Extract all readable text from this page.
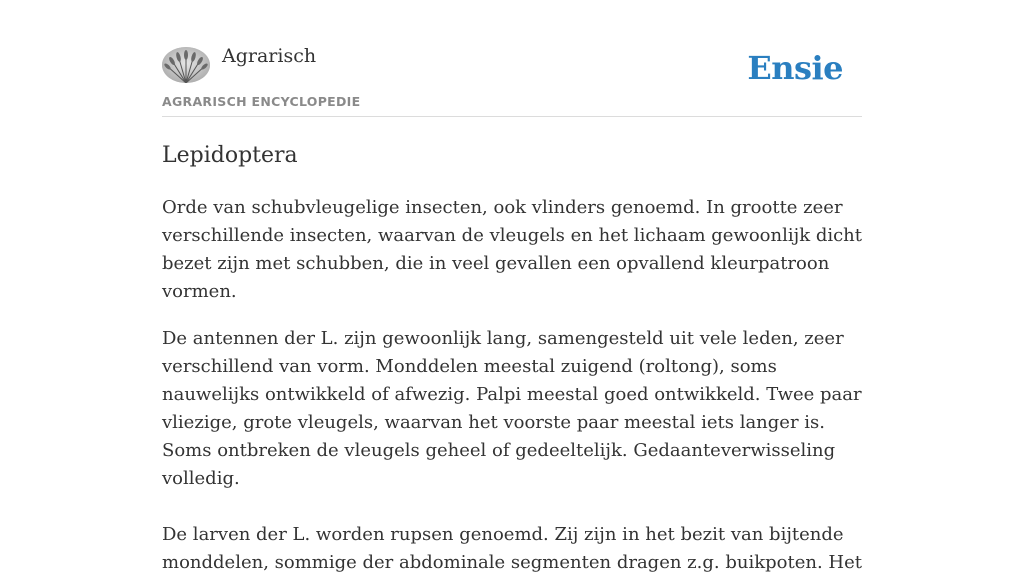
Agrarisch
AGRARISCH ENCYCLOPEDIE
Ensie
Lepidoptera

Orde van schubvleugelige insecten, ook vlinders genoemd. In grootte zeer verschillende insecten, waarvan de vleugels en het lichaam gewoonlijk dicht bezet zijn met schubben, die in veel gevallen een opvallend kleurpatroon vormen.

De antennen der L. zijn gewoonlijk lang, samengesteld uit vele leden, zeer verschillend van vorm. Monddelen meestal zuigend (roltong), soms nauwelijks ontwikkeld of afwezig. Palpi meestal goed ontwikkeld. Twee paar vliezige, grote vleugels, waarvan het voorste paar meestal iets langer is. Soms ontbreken de vleugels geheel of gedeeltelijk. Gedaanteverwisseling volledig.

De larven der L. worden rupsen genoemd. Zij zijn in het bezit van bijtende monddelen, sommige der abdominale segmenten dragen z.g. buikpoten. Het
